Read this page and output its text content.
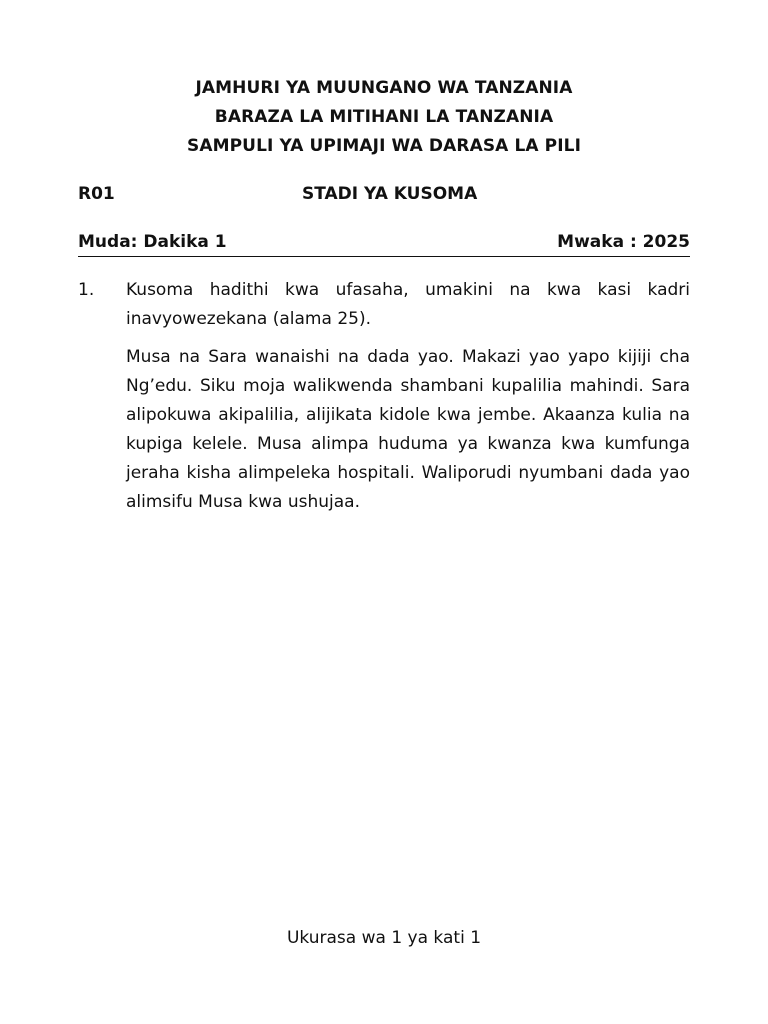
JAMHURI YA MUUNGANO WA TANZANIA
BARAZA LA MITIHANI LA TANZANIA
SAMPULI YA UPIMAJI WA DARASA LA PILI
R01	STADI YA KUSOMA
Muda: Dakika 1	Mwaka : 2025
1. Kusoma hadithi kwa ufasaha, umakini na kwa kasi kadri inavyowezekana (alama 25).

Musa na Sara wanaishi na dada yao. Makazi yao yapo kijiji cha Ng’edu. Siku moja walikwenda shambani kupalilia mahindi. Sara alipokuwa akipalilia, alijikata kidole kwa jembe. Akaanza kulia na kupiga kelele. Musa alimpa huduma ya kwanza kwa kumfunga jeraha kisha alimpeleka hospitali. Waliporudi nyumbani dada yao alimsifu Musa kwa ushujaa.

Ukurasa wa 1 ya kati 1
